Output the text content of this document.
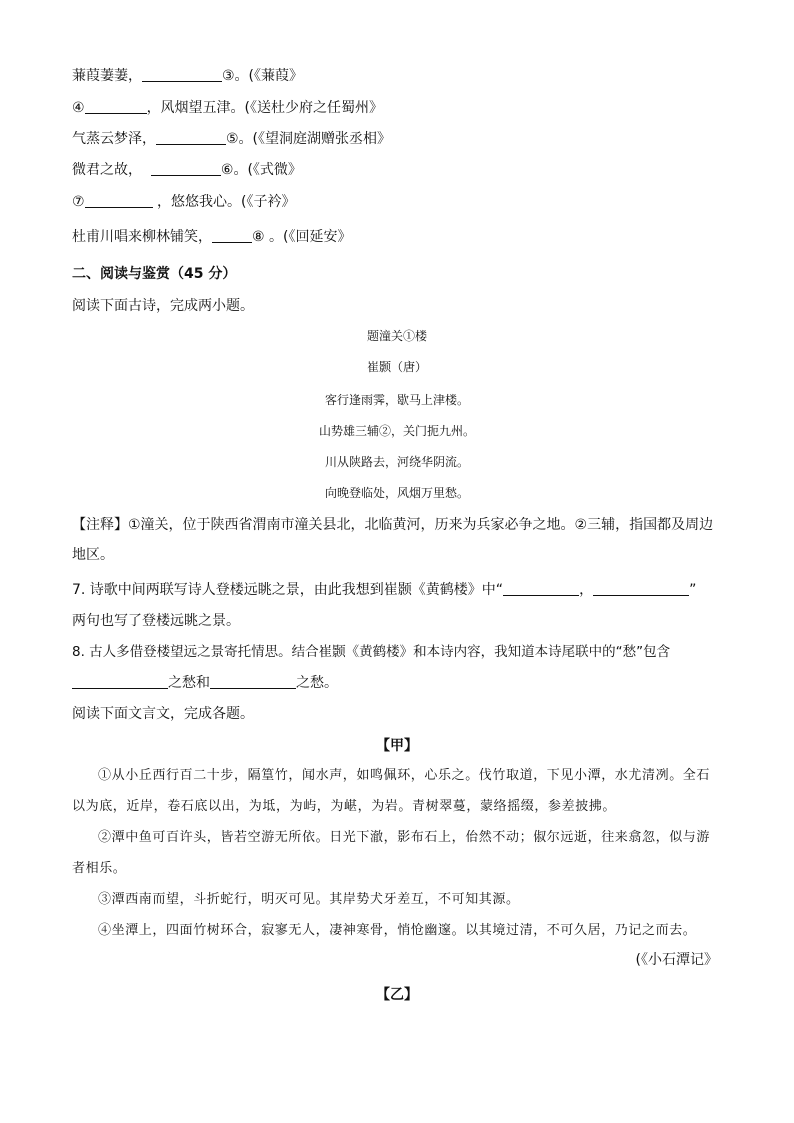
蒹葭萋萋，	③。(《蒹葭》
④	，风烟望五津。(《送杜少府之任蜀州》
气蒸云梦泽，	⑤。(《望洞庭湖赠张丞相》
微君之故，	⑥。(《式微》
⑦	，悠悠我心。(《子衿》
杜甫川唱来柳林铺笑，	⑧ 。(《回延安》
二、阅读与鉴赏（45 分）
阅读下面古诗，完成两小题。
题潼关①楼
崔颢（唐）
客行逢雨霁，歇马上津楼。
山势雄三辅②，关门扼九州。
川从陕路去，河绕华阴流。
向晚登临处，风烟万里愁。
【注释】①潼关，位于陕西省渭南市潼关县北，北临黄河，历来为兵家必争之地。②三辅，指国都及周边地区。
7. 诗歌中间两联写诗人登楼远眺之景，由此我想到崔颢《黄鹤楼》中“	，	”
两句也写了登楼远眺之景。
8. 古人多借登楼望远之景寄托情思。结合崔颢《黄鹤楼》和本诗内容，我知道本诗尾联中的“愁”包含
之愁和	之愁。
阅读下面文言文，完成各题。
【甲】
①从小丘西行百二十步，隔篁竹，闻水声，如鸣佩环，心乐之。伐竹取道，下见小潭，水尤清冽。全石以为底，近岸，卷石底以出，为坻，为屿，为嵁，为岩。青树翠蔓，蒙络摇缀，参差披拂。
②潭中鱼可百许头，皆若空游无所依。日光下澈，影布石上，佁然不动；俶尔远逝，往来翕忽，似与游者相乐。
③潭西南而望，斗折蛇行，明灭可见。其岸势犬牙差互，不可知其源。
④坐潭上，四面竹树环合，寂寥无人，凄神寒骨，悄怆幽邃。以其境过清，不可久居，乃记之而去。
(《小石潭记》
【乙】
